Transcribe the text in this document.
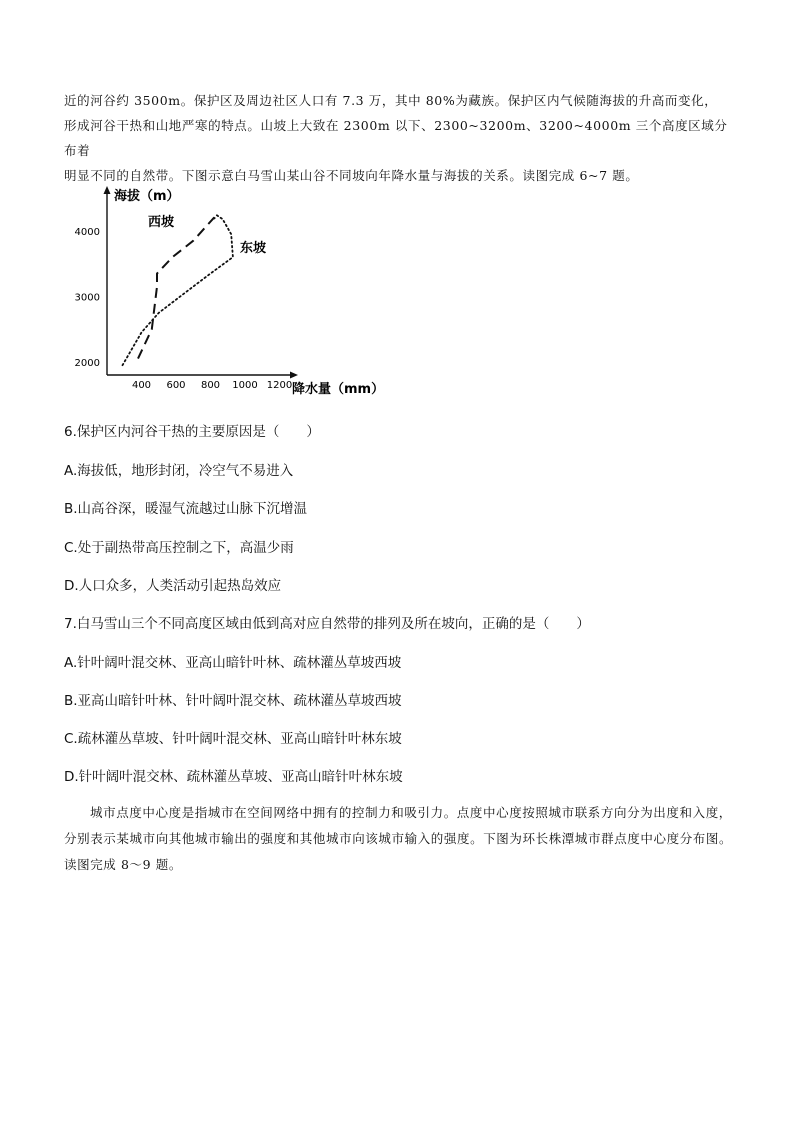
近的河谷约 3500m。保护区及周边社区人口有 7.3 万，其中 80%为藏族。保护区内气候随海拔的升高而变化，

形成河谷干热和山地严寒的特点。山坡上大致在 2300m 以下、2300~3200m、3200~4000m 三个高度区域分布着

明显不同的自然带。下图示意白马雪山某山谷不同坡向年降水量与海拔的关系。读图完成 6~7 题。

海拔（m）
降水量（mm）
400 600 800 1000 1200
2000
3000
4000
西坡
东坡

6.保护区内河谷干热的主要原因是（　　）

A.海拔低，地形封闭，冷空气不易进入

B.山高谷深，暖湿气流越过山脉下沉增温

C.处于副热带高压控制之下，高温少雨

D.人口众多，人类活动引起热岛效应

7.白马雪山三个不同高度区域由低到高对应自然带的排列及所在坡向，正确的是（　　）

A.针叶阔叶混交林、亚高山暗针叶林、疏林灌丛草坡西坡

B.亚高山暗针叶林、针叶阔叶混交林、疏林灌丛草坡西坡

C.疏林灌丛草坡、针叶阔叶混交林、亚高山暗针叶林东坡

D.针叶阔叶混交林、疏林灌丛草坡、亚高山暗针叶林东坡

城市点度中心度是指城市在空间网络中拥有的控制力和吸引力。点度中心度按照城市联系方向分为出度和入度，分别表示某城市向其他城市输出的强度和其他城市向该城市输入的强度。下图为环长株潭城市群点度中心度分布图。读图完成 8～9 题。
